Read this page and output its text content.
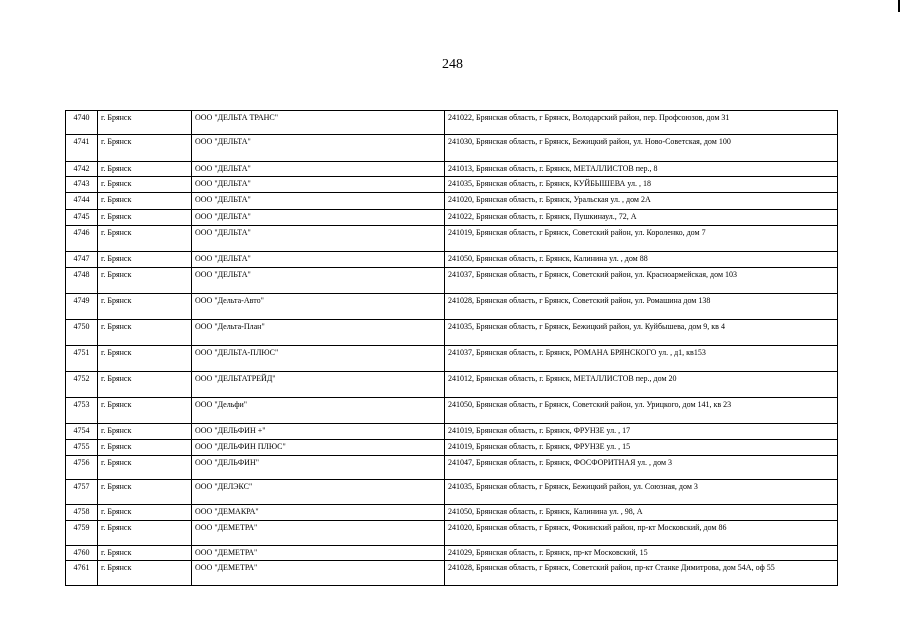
248
4740	г. Брянск	ООО "ДЕЛЬТА ТРАНС"	241022, Брянская область, г Брянск, Володарский район, пер. Профсоюзов, дом 31
4741	г. Брянск	ООО "ДЕЛЬТА"	241030, Брянская область, г Брянск, Бежицкий район, ул. Ново-Советская, дом 100
4742	г. Брянск	ООО "ДЕЛЬТА"	241013, Брянская область, г. Брянск, МЕТАЛЛИСТОВ пер., 8
4743	г. Брянск	ООО "ДЕЛЬТА"	241035, Брянская область, г. Брянск, КУЙБЫШЕВА ул. , 18
4744	г. Брянск	ООО "ДЕЛЬТА"	241020, Брянская область, г. Брянск, Уральская ул. , дом 2А
4745	г. Брянск	ООО "ДЕЛЬТА"	241022, Брянская область, г. Брянск, Пушкинаул., 72, А
4746	г. Брянск	ООО "ДЕЛЬТА"	241019, Брянская область, г Брянск, Советский район, ул. Короленко, дом 7
4747	г. Брянск	ООО "ДЕЛЬТА"	241050, Брянская область, г. Брянск, Калинина ул. , дом 88
4748	г. Брянск	ООО "ДЕЛЬТА"	241037, Брянская область, г Брянск, Советский район, ул. Красноармейская, дом 103
4749	г. Брянск	ООО "Дельта-Авто"	241028, Брянская область, г Брянск, Советский район, ул. Ромашина дом 138
4750	г. Брянск	ООО "Дельта-План"	241035, Брянская область, г Брянск, Бежицкий район, ул. Куйбышева, дом 9, кв 4
4751	г. Брянск	ООО "ДЕЛЬТА-ПЛЮС"	241037, Брянская область, г. Брянск, РОМАНА БРЯНСКОГО ул. , д1, кв153
4752	г. Брянск	ООО "ДЕЛЬТАТРЕЙД"	241012, Брянская область, г. Брянск, МЕТАЛЛИСТОВ пер., дом 20
4753	г. Брянск	ООО "Дельфи"	241050, Брянская область, г Брянск, Советский район, ул. Урицкого, дом 141, кв 23
4754	г. Брянск	ООО "ДЕЛЬФИН +"	241019, Брянская область, г. Брянск, ФРУНЗЕ ул. , 17
4755	г. Брянск	ООО "ДЕЛЬФИН ПЛЮС"	241019, Брянская область, г. Брянск, ФРУНЗЕ ул. , 15
4756	г. Брянск	ООО "ДЕЛЬФИН"	241047, Брянская область, г. Брянск, ФОСФОРИТНАЯ ул. , дом 3
4757	г. Брянск	ООО "ДЕЛЭКС"	241035, Брянская область, г Брянск, Бежицкий район, ул. Союзная, дом 3
4758	г. Брянск	ООО "ДЕМАКРА"	241050, Брянская область, г. Брянск, Калинина ул. , 98, А
4759	г. Брянск	ООО "ДЕМЕТРА"	241020, Брянская область, г Брянск, Фокинский район, пр-кт Московский, дом 86
4760	г. Брянск	ООО "ДЕМЕТРА"	241029, Брянская область, г. Брянск, пр-кт Московский, 15
4761	г. Брянск	ООО "ДЕМЕТРА"	241028, Брянская область, г Брянск, Советский район, пр-кт Станке Димитрова, дом 54А, оф 55
